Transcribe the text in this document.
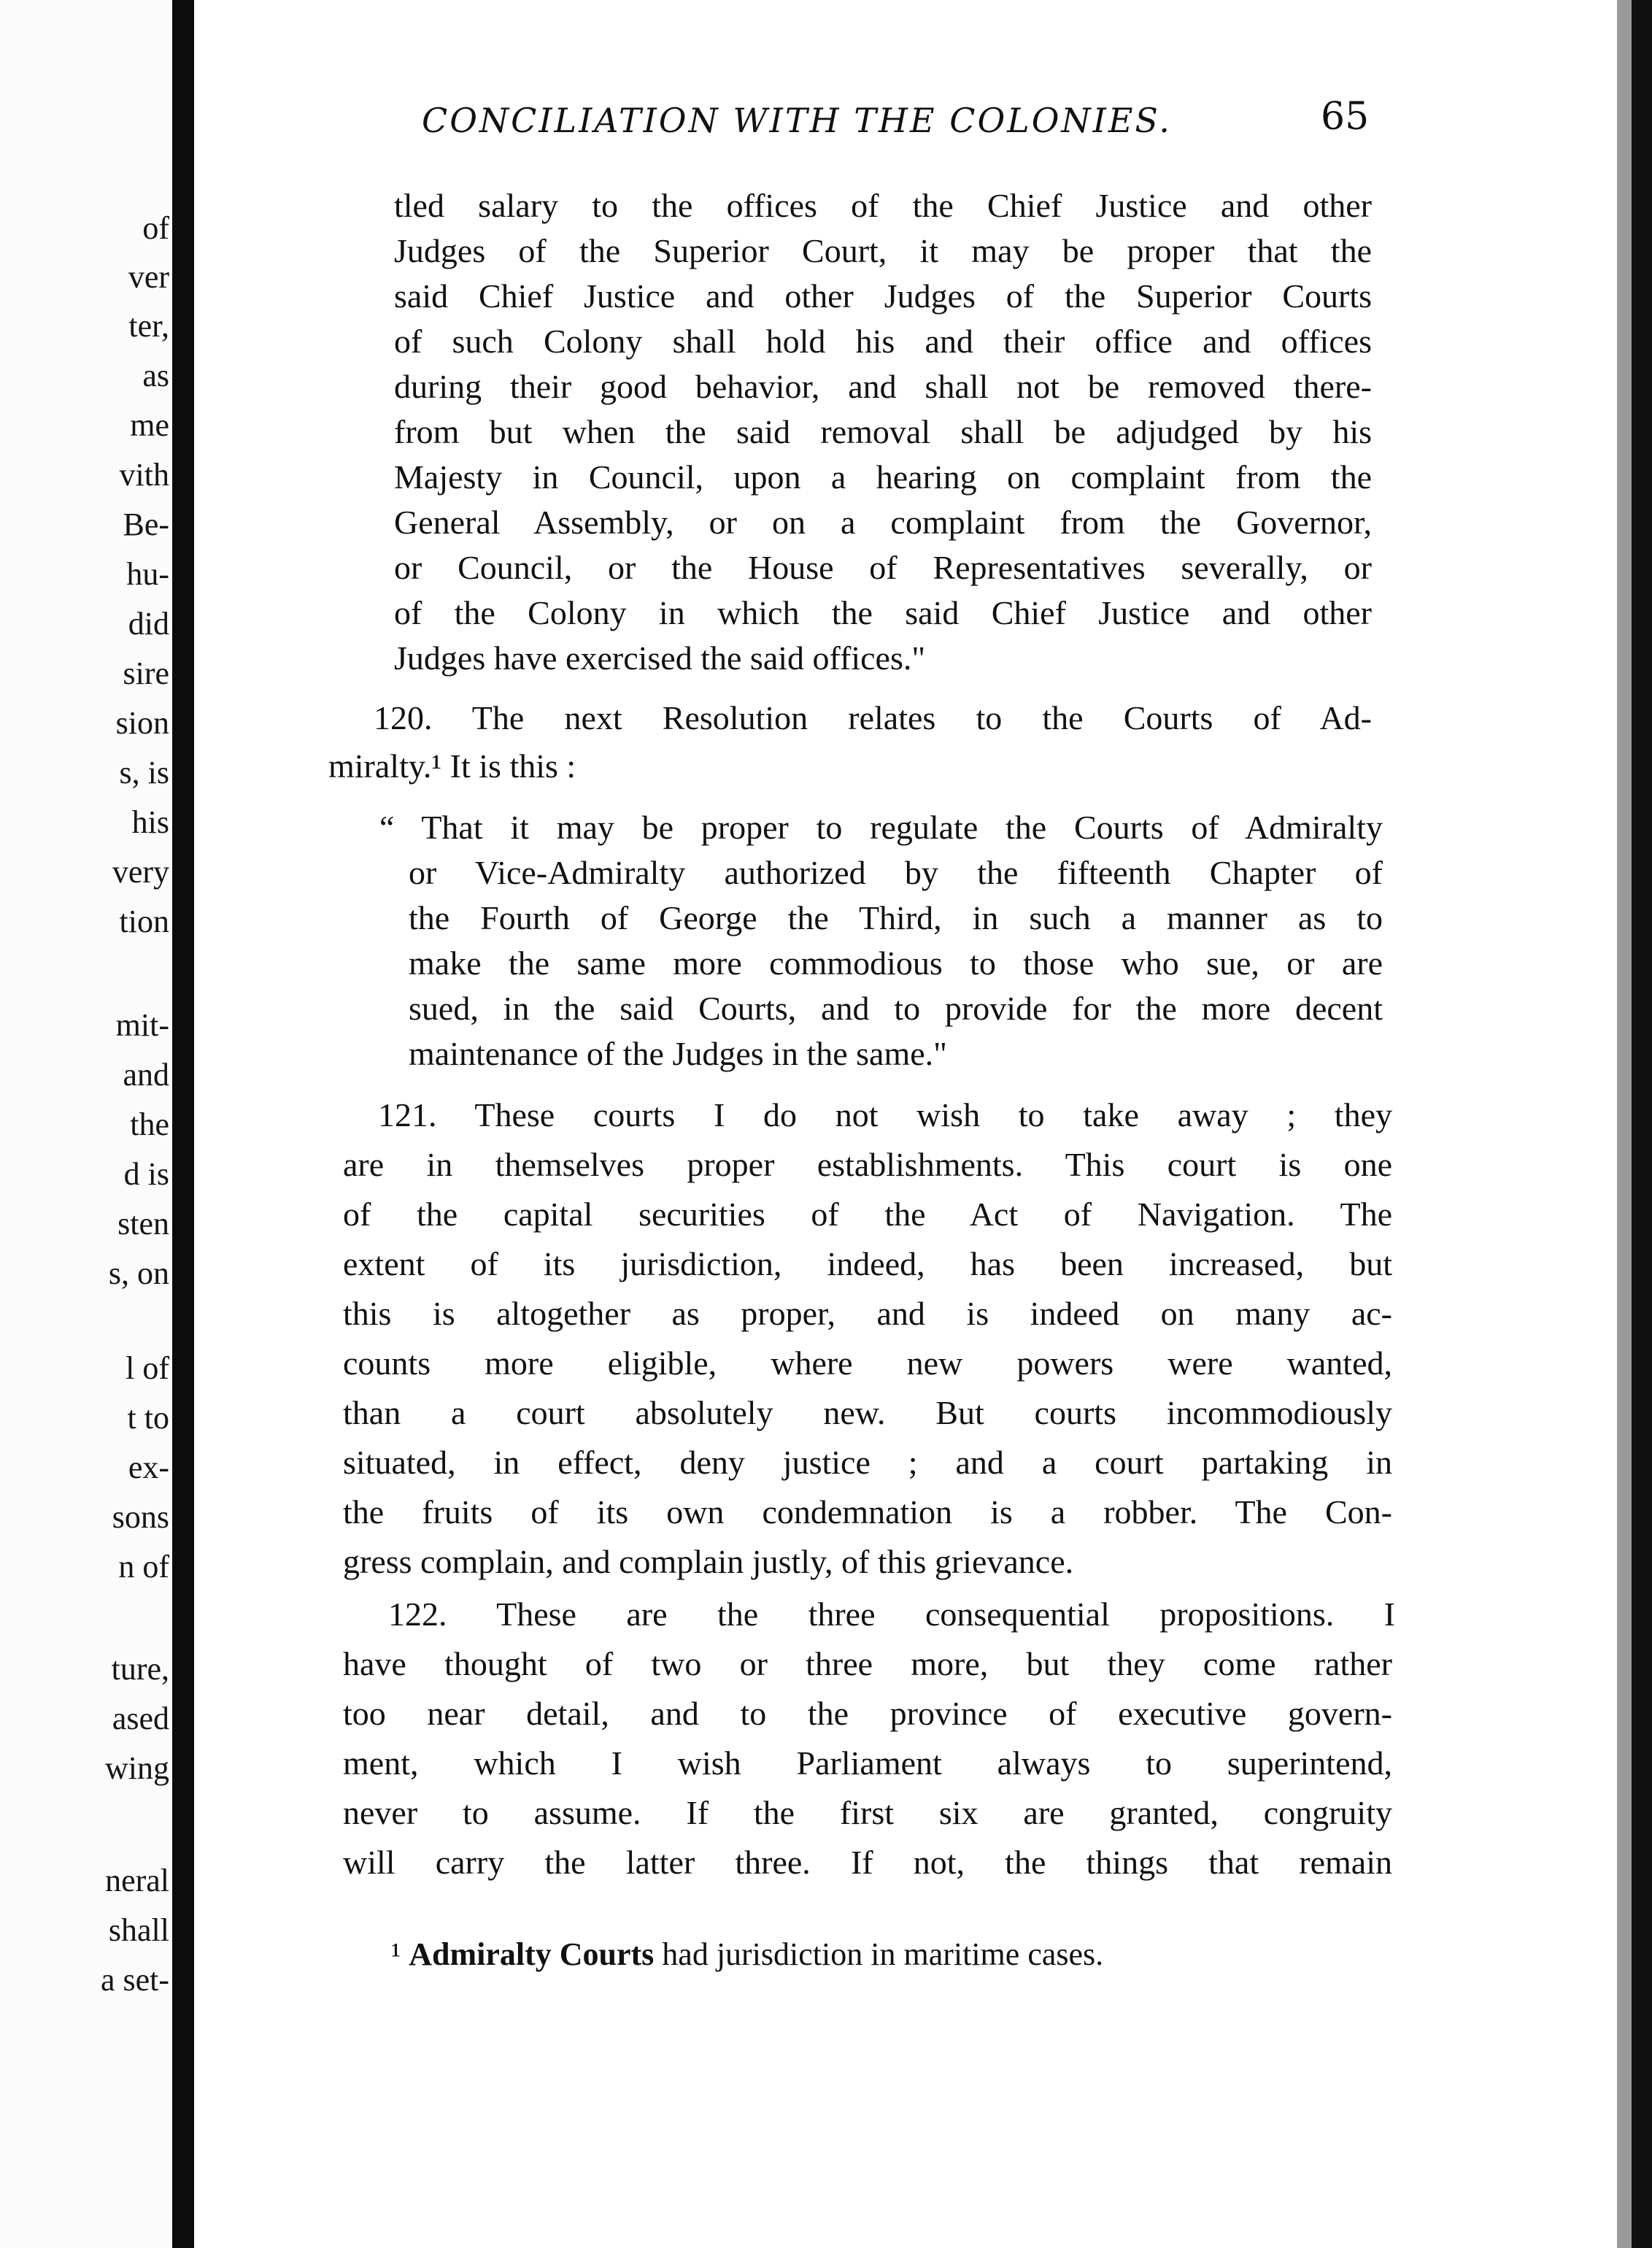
of
ver
ter,
as
me
vith
Be-
hu-
did
sire
sion
s, is
his
very
tion
mit-
and
the
d is
sten
s, on
l of
t to
ex-
sons
n of
ture,
ased
wing
neral
shall
a set-
CONCILIATION WITH THE COLONIES.	65
tled salary to the offices of the Chief Justice and other
Judges of the Superior Court, it may be proper that the
said Chief Justice and other Judges of the Superior Courts
of such Colony shall hold his and their office and offices
during their good behavior, and shall not be removed there-
from but when the said removal shall be adjudged by his
Majesty in Council, upon a hearing on complaint from the
General Assembly, or on a complaint from the Governor,
or Council, or the House of Representatives severally, or
of the Colony in which the said Chief Justice and other
Judges have exercised the said offices."
120. The next Resolution relates to the Courts of Ad-
miralty.¹ It is this :
“ That it may be proper to regulate the Courts of Admiralty
or Vice-Admiralty authorized by the fifteenth Chapter of
the Fourth of George the Third, in such a manner as to
make the same more commodious to those who sue, or are
sued, in the said Courts, and to provide for the more decent
maintenance of the Judges in the same."
121. These courts I do not wish to take away ; they
are in themselves proper establishments. This court is one
of the capital securities of the Act of Navigation. The
extent of its jurisdiction, indeed, has been increased, but
this is altogether as proper, and is indeed on many ac-
counts more eligible, where new powers were wanted,
than a court absolutely new. But courts incommodiously
situated, in effect, deny justice ; and a court partaking in
the fruits of its own condemnation is a robber. The Con-
gress complain, and complain justly, of this grievance.
122. These are the three consequential propositions. I
have thought of two or three more, but they come rather
too near detail, and to the province of executive govern-
ment, which I wish Parliament always to superintend,
never to assume. If the first six are granted, congruity
will carry the latter three. If not, the things that remain
¹ Admiralty Courts had jurisdiction in maritime cases.
